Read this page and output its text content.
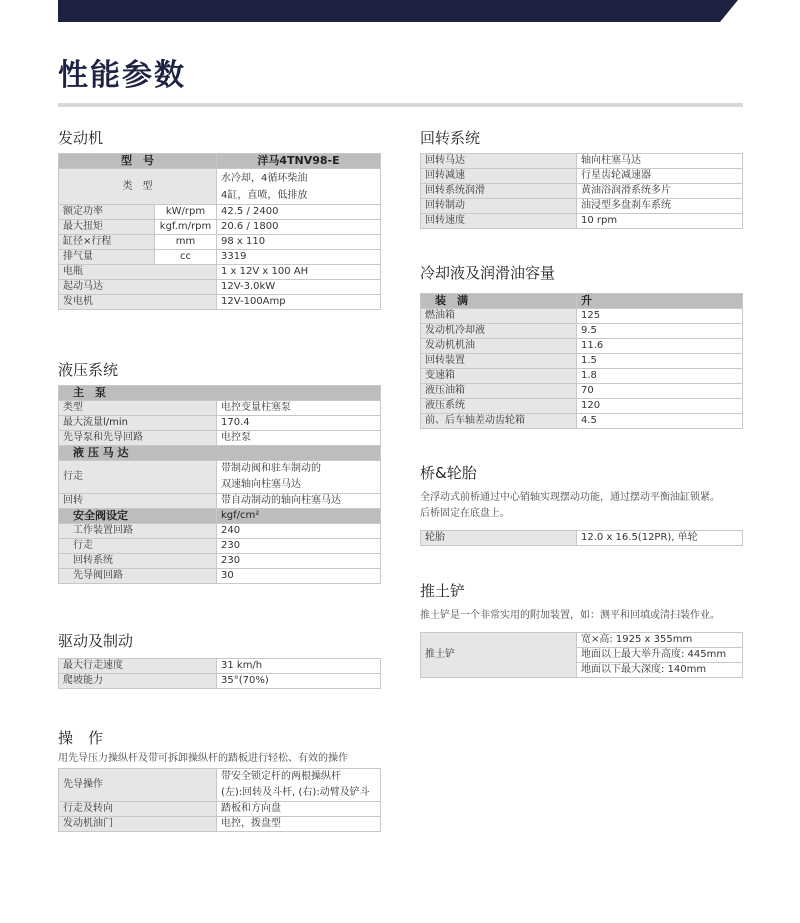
性能参数
发动机
型　号		洋马4TNV98-E
类　型		水冷却，4循环柴油
4缸，直喷，低排放

额定功率	kW/rpm	42.5 / 2400
最大扭矩	kgf.m/rpm	20.6 / 1800
缸径×行程	mm	98 x 110
排气量	cc	3319
电瓶		1 x 12V x 100 AH
起动马达		12V-3.0kW
发电机		12V-100Amp
液压系统
主　泵	
类型	电控变量柱塞泵
最大流量l/min	170.4
先导泵和先导回路	电控泵
液 压 马 达	
行走	带制动阀和驻车制动的
双速轴向柱塞马达

回转	带自动制动的轴向柱塞马达
安全阀设定	kgf/cm²
工作装置回路	240
行走	230
回转系统	230
先导阀回路	30
驱动及制动
最大行走速度	31 km/h
爬坡能力	35°(70%)
操　作
用先导压力操纵杆及带可拆卸操纵杆的踏板进行轻松、有效的操作
先导操作	带安全锁定杆的两根操纵杆
(左):回转及斗杆, (右):动臂及铲斗

行走及转向	踏板和方向盘
发动机油门	电控，拨盘型
回转系统
回转马达	轴向柱塞马达
回转减速	行星齿轮减速器
回转系统润滑	黄油浴润滑系统多片
回转制动	油浸型多盘刹车系统
回转速度	10 rpm
冷却液及润滑油容量
装　满	升
燃油箱	125
发动机冷却液	9.5
发动机机油	11.6
回转装置	1.5
变速箱	1.8
液压油箱	70
液压系统	120
前、后车轴差动齿轮箱	4.5
桥&轮胎
全浮动式前桥通过中心销轴实现摆动功能，通过摆动平衡油缸锁紧。
后桥固定在底盘上。
轮胎	12.0 x 16.5(12PR), 单轮
推土铲
推土铲是一个非常实用的附加装置，如：测平和回填或清扫装作业。
推土铲	宽×高: 1925 x 355mm
地面以上最大举升高度: 445mm
地面以下最大深度: 140mm
